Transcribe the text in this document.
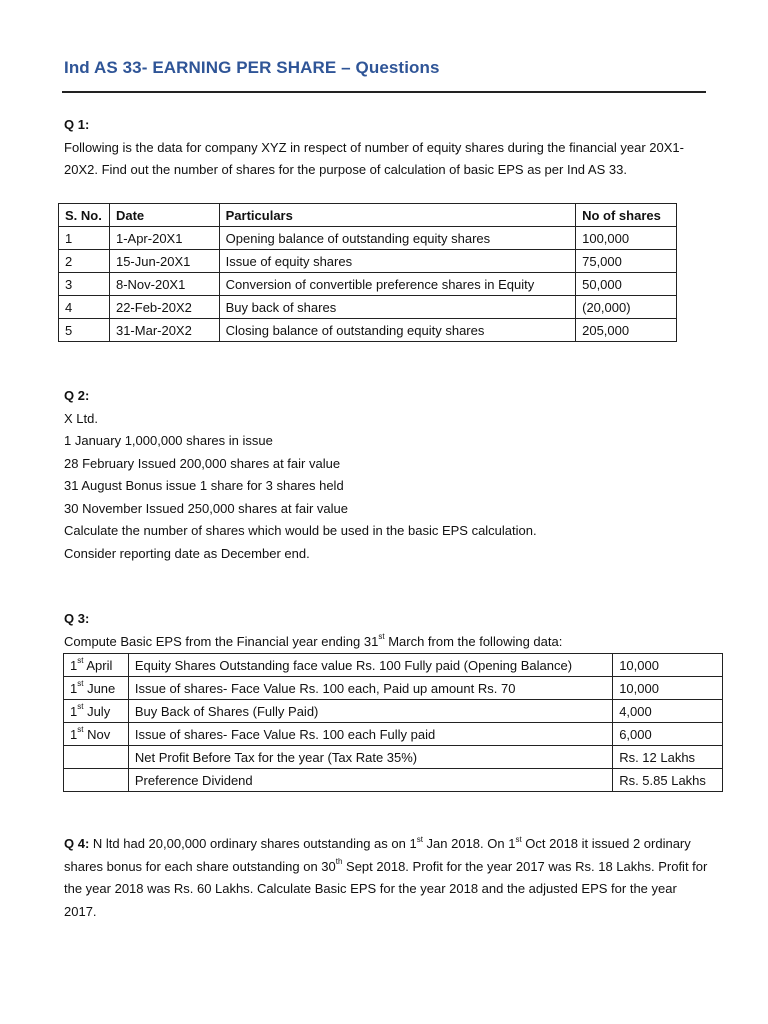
Ind AS 33- EARNING PER SHARE – Questions
Q 1:
Following is the data for company XYZ in respect of number of equity shares during the financial year 20X1-20X2. Find out the number of shares for the purpose of calculation of basic EPS as per Ind AS 33.
S. No.	Date	Particulars	No of shares
1	1-Apr-20X1	Opening balance of outstanding equity shares	100,000
2	15-Jun-20X1	Issue of equity shares	75,000
3	8-Nov-20X1	Conversion of convertible preference shares in Equity	50,000
4	22-Feb-20X2	Buy back of shares	(20,000)
5	31-Mar-20X2	Closing balance of outstanding equity shares	205,000
Q 2:
X Ltd.
1 January 1,000,000 shares in issue
28 February Issued 200,000 shares at fair value
31 August Bonus issue 1 share for 3 shares held
30 November Issued 250,000 shares at fair value
Calculate the number of shares which would be used in the basic EPS calculation.
Consider reporting date as December end.
Q 3:
Compute Basic EPS from the Financial year ending 31st March from the following data:
1st April	Equity Shares Outstanding face value Rs. 100 Fully paid (Opening Balance)	10,000
1st June	Issue of shares- Face Value Rs. 100 each, Paid up amount Rs. 70	10,000
1st July	Buy Back of Shares (Fully Paid)	4,000
1st Nov	Issue of shares- Face Value Rs. 100 each Fully paid	6,000
	Net Profit Before Tax for the year (Tax Rate 35%)	Rs. 12 Lakhs
	Preference Dividend	Rs. 5.85 Lakhs
Q 4: N ltd had 20,00,000 ordinary shares outstanding as on 1st Jan 2018. On 1st Oct 2018 it issued 2 ordinary shares bonus for each share outstanding on 30th Sept 2018. Profit for the year 2017 was Rs. 18 Lakhs. Profit for the year 2018 was Rs. 60 Lakhs. Calculate Basic EPS for the year 2018 and the adjusted EPS for the year 2017.
